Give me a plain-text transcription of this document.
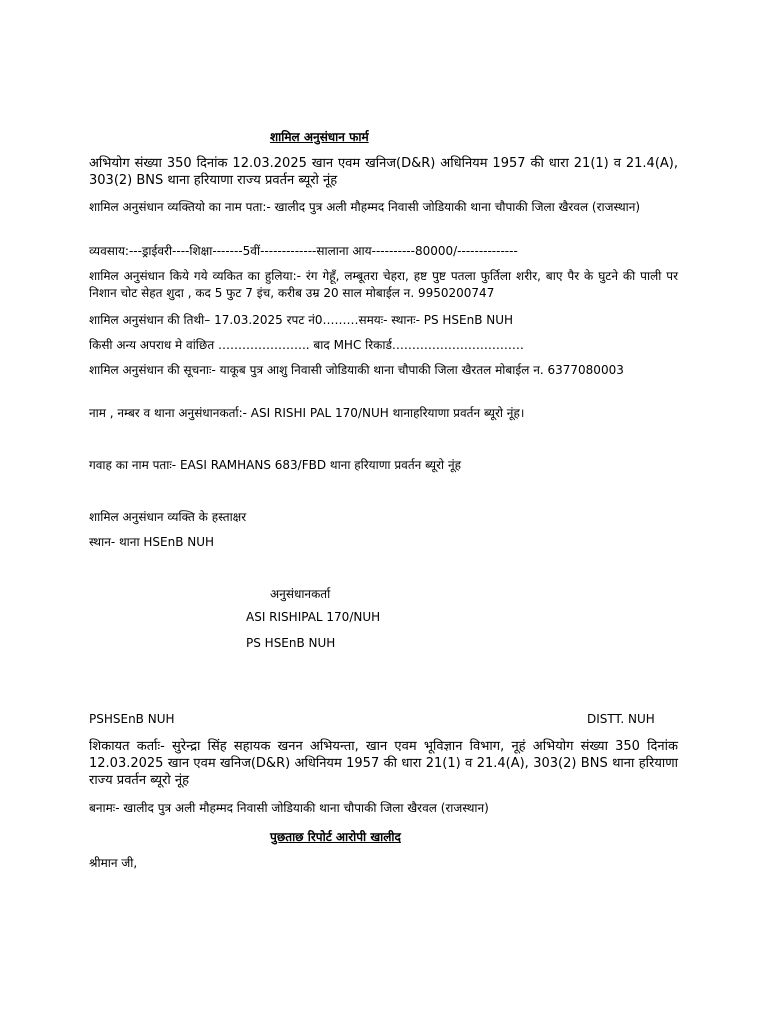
शामिल अनुसंधान फार्म
अभियोग संख्या 350 दिनांक 12.03.2025 खान एवम खनिज(D&R) अधिनियम 1957 की धारा 21(1) व 21.4(A), 303(2) BNS थाना हरियाणा राज्य प्रवर्तन ब्यूरो नूंह
शामिल अनुसंधान व्यक्तियो का नाम पता:- खालीद पुत्र अली मौहम्मद निवासी जोडियाकी थाना चौपाकी जिला खैरवल (राजस्थान)
व्यवसाय:---ड्राईवरी----शिक्षा-------5वीं-------------सालाना आय----------80000/--------------
शामिल अनुसंधान किये गये व्यकित का हुलिया:- रंग गेहूँ, लम्बूतरा चेहरा, हष्ट पुष्ट पतला फुर्तिला शरीर, बाए पैर के घुटने की पाली पर निशान चोट सेहत शुदा , कद 5 फुट 7 इंच, करीब उम्र 20 साल मोबाईल न. 9950200747
शामिल अनुसंधान की तिथी– 17.03.2025 रपट नं0………समयः- स्थानः- PS HSEnB NUH
किसी अन्य अपराध मे वांछित ………………….. बाद MHC रिकार्ड……………………………
शामिल अनुसंधान की सूचनाः- याकूब पुत्र आशु निवासी जोडियाकी थाना चौपाकी जिला खैरतल मोबाईल न. 6377080003
नाम , नम्बर व थाना अनुसंधानकर्ता:- ASI RISHI PAL 170/NUH थानाहरियाणा प्रवर्तन ब्यूरो नूंह।
गवाह का नाम पताः- EASI RAMHANS 683/FBD थाना हरियाणा प्रवर्तन ब्यूरो नूंह
शामिल अनुसंधान व्यक्ति के हस्ताक्षर
स्थान- थाना HSEnB NUH
अनुसंधानकर्ता
ASI RISHIPAL 170/NUH
PS HSEnB NUH
PSHSEnB NUH	DISTT. NUH
शिकायत कर्ताः- सुरेन्द्रा सिंह सहायक खनन अभियन्ता, खान एवम भूविज्ञान विभाग, नूहं अभियोग संख्या 350 दिनांक 12.03.2025 खान एवम खनिज(D&R) अधिनियम 1957 की धारा 21(1) व 21.4(A), 303(2) BNS थाना हरियाणा राज्य प्रवर्तन ब्यूरो नूंह
बनामः- खालीद पुत्र अली मौहम्मद निवासी जोडियाकी थाना चौपाकी जिला खैरवल (राजस्थान)
पुछताछ रिपोर्ट आरोपी खालीद
श्रीमान जी,
